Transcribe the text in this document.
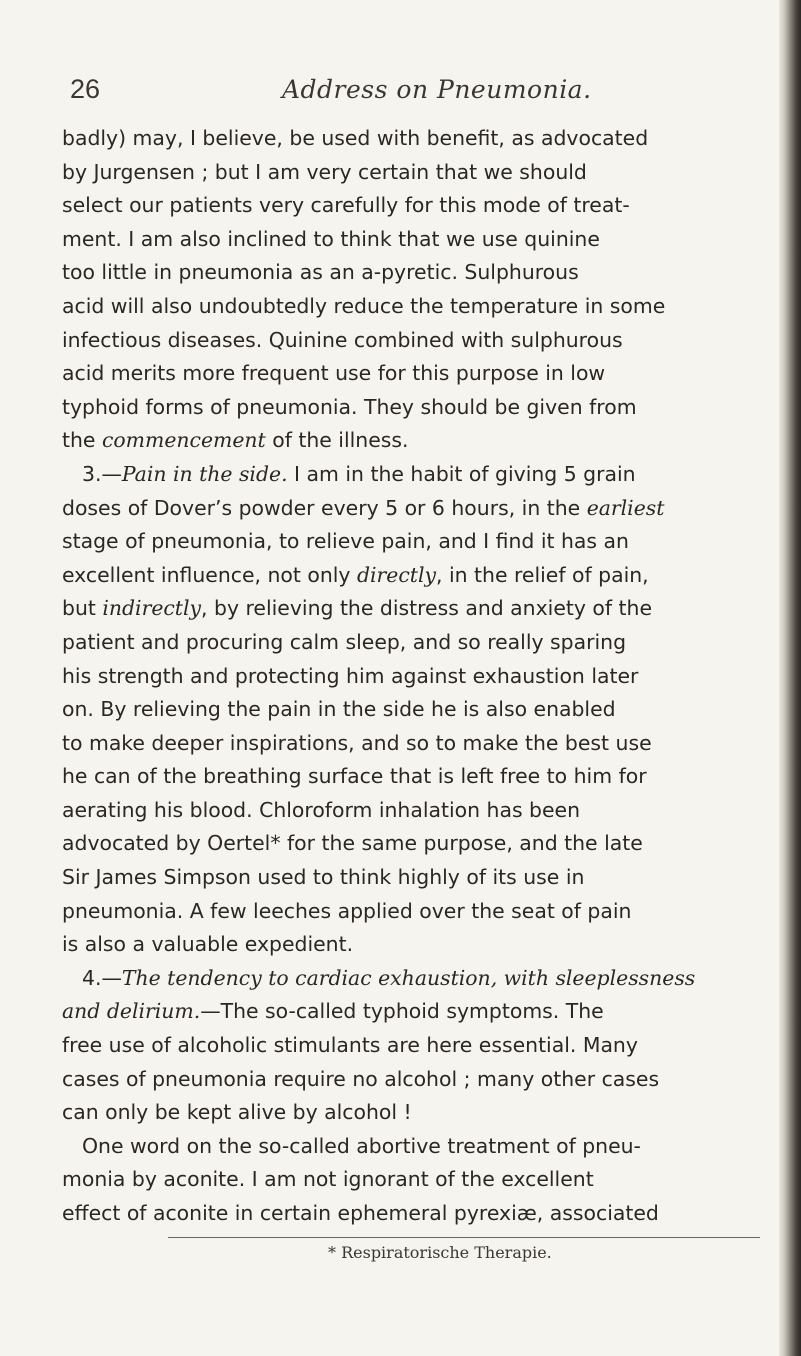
26	Address on Pneumonia.
badly) may, I believe, be used with benefit, as advocated
by Jurgensen ; but I am very certain that we should
select our patients very carefully for this mode of treat-
ment. I am also inclined to think that we use quinine
too little in pneumonia as an a-pyretic. Sulphurous
acid will also undoubtedly reduce the temperature in some
infectious diseases. Quinine combined with sulphurous
acid merits more frequent use for this purpose in low
typhoid forms of pneumonia. They should be given from
the commencement of the illness.
3.—Pain in the side. I am in the habit of giving 5 grain
doses of Dover’s powder every 5 or 6 hours, in the earliest
stage of pneumonia, to relieve pain, and I find it has an
excellent influence, not only directly, in the relief of pain,
but indirectly, by relieving the distress and anxiety of the
patient and procuring calm sleep, and so really sparing
his strength and protecting him against exhaustion later
on. By relieving the pain in the side he is also enabled
to make deeper inspirations, and so to make the best use
he can of the breathing surface that is left free to him for
aerating his blood. Chloroform inhalation has been
advocated by Oertel* for the same purpose, and the late
Sir James Simpson used to think highly of its use in
pneumonia. A few leeches applied over the seat of pain
is also a valuable expedient.
4.—The tendency to cardiac exhaustion, with sleeplessness
and delirium.—The so-called typhoid symptoms. The
free use of alcoholic stimulants are here essential. Many
cases of pneumonia require no alcohol ; many other cases
can only be kept alive by alcohol !
One word on the so-called abortive treatment of pneu-
monia by aconite. I am not ignorant of the excellent
effect of aconite in certain ephemeral pyrexiæ, associated
* Respiratorische Therapie.
